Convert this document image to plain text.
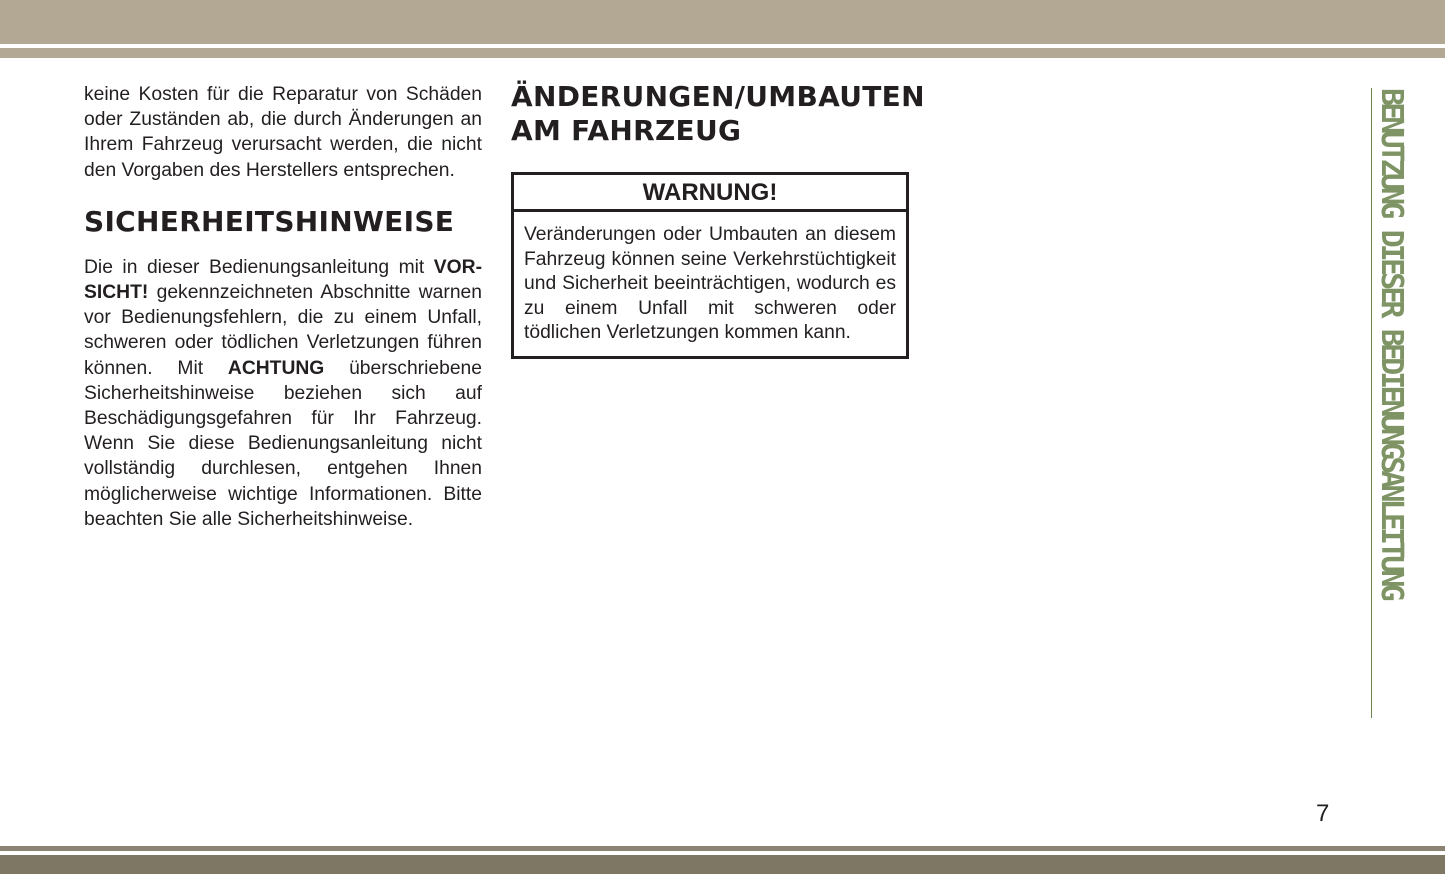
keine Kosten für die Reparatur von Schäden oder Zuständen ab, die durch Änderungen an Ihrem Fahrzeug verursacht werden, die nicht den Vorgaben des Herstellers entsprechen.

SICHERHEITSHINWEISE

Die in dieser Bedienungsanleitung mit VOR-SICHT! gekennzeichneten Abschnitte warnen vor Bedienungsfehlern, die zu einem Unfall, schweren oder tödlichen Verletzungen führen können. Mit ACHTUNG überschriebene Sicherheitshinweise beziehen sich auf Beschädigungsgefahren für Ihr Fahrzeug. Wenn Sie diese Bedienungsanleitung nicht vollständig durchlesen, entgehen Ihnen möglicherweise wichtige Informationen. Bitte beachten Sie alle Sicherheitshinweise.

ÄNDERUNGEN/UMBAUTEN
AM FAHRZEUG
WARNUNG!

Veränderungen oder Umbauten an diesem Fahrzeug können seine Verkehrstüchtigkeit und Sicherheit beeinträchtigen, wodurch es zu einem Unfall mit schweren oder tödlichen Verletzungen kommen kann.	BENUTZUNG DIESER BEDIENUNGSANLEITUNG
7
